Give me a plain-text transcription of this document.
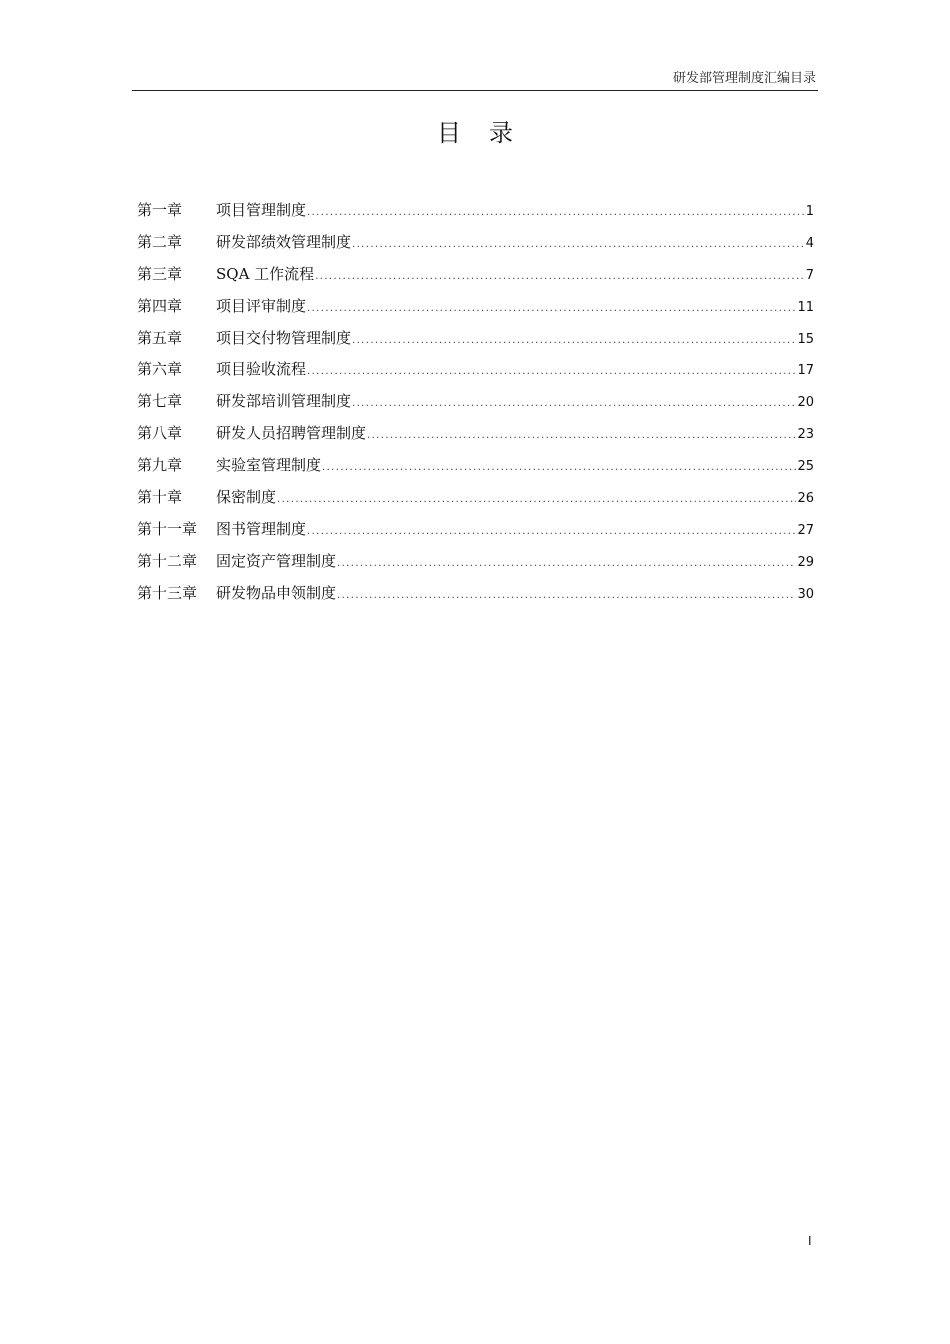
研发部管理制度汇编目录
目 录
第一章	项目管理制度 .....	1
第二章	研发部绩效管理制度 .....	4
第三章	SQA 工作流程 .....	7
第四章	项目评审制度 .....	11
第五章	项目交付物管理制度 .....	15
第六章	项目验收流程 .....	17
第七章	研发部培训管理制度 .....	20
第八章	研发人员招聘管理制度 .....	23
第九章	实验室管理制度 .....	25
第十章	保密制度 .....	26
第十一章	图书管理制度 .....	27
第十二章	固定资产管理制度 .....	29
第十三章	研发物品申领制度 .....	30
I
